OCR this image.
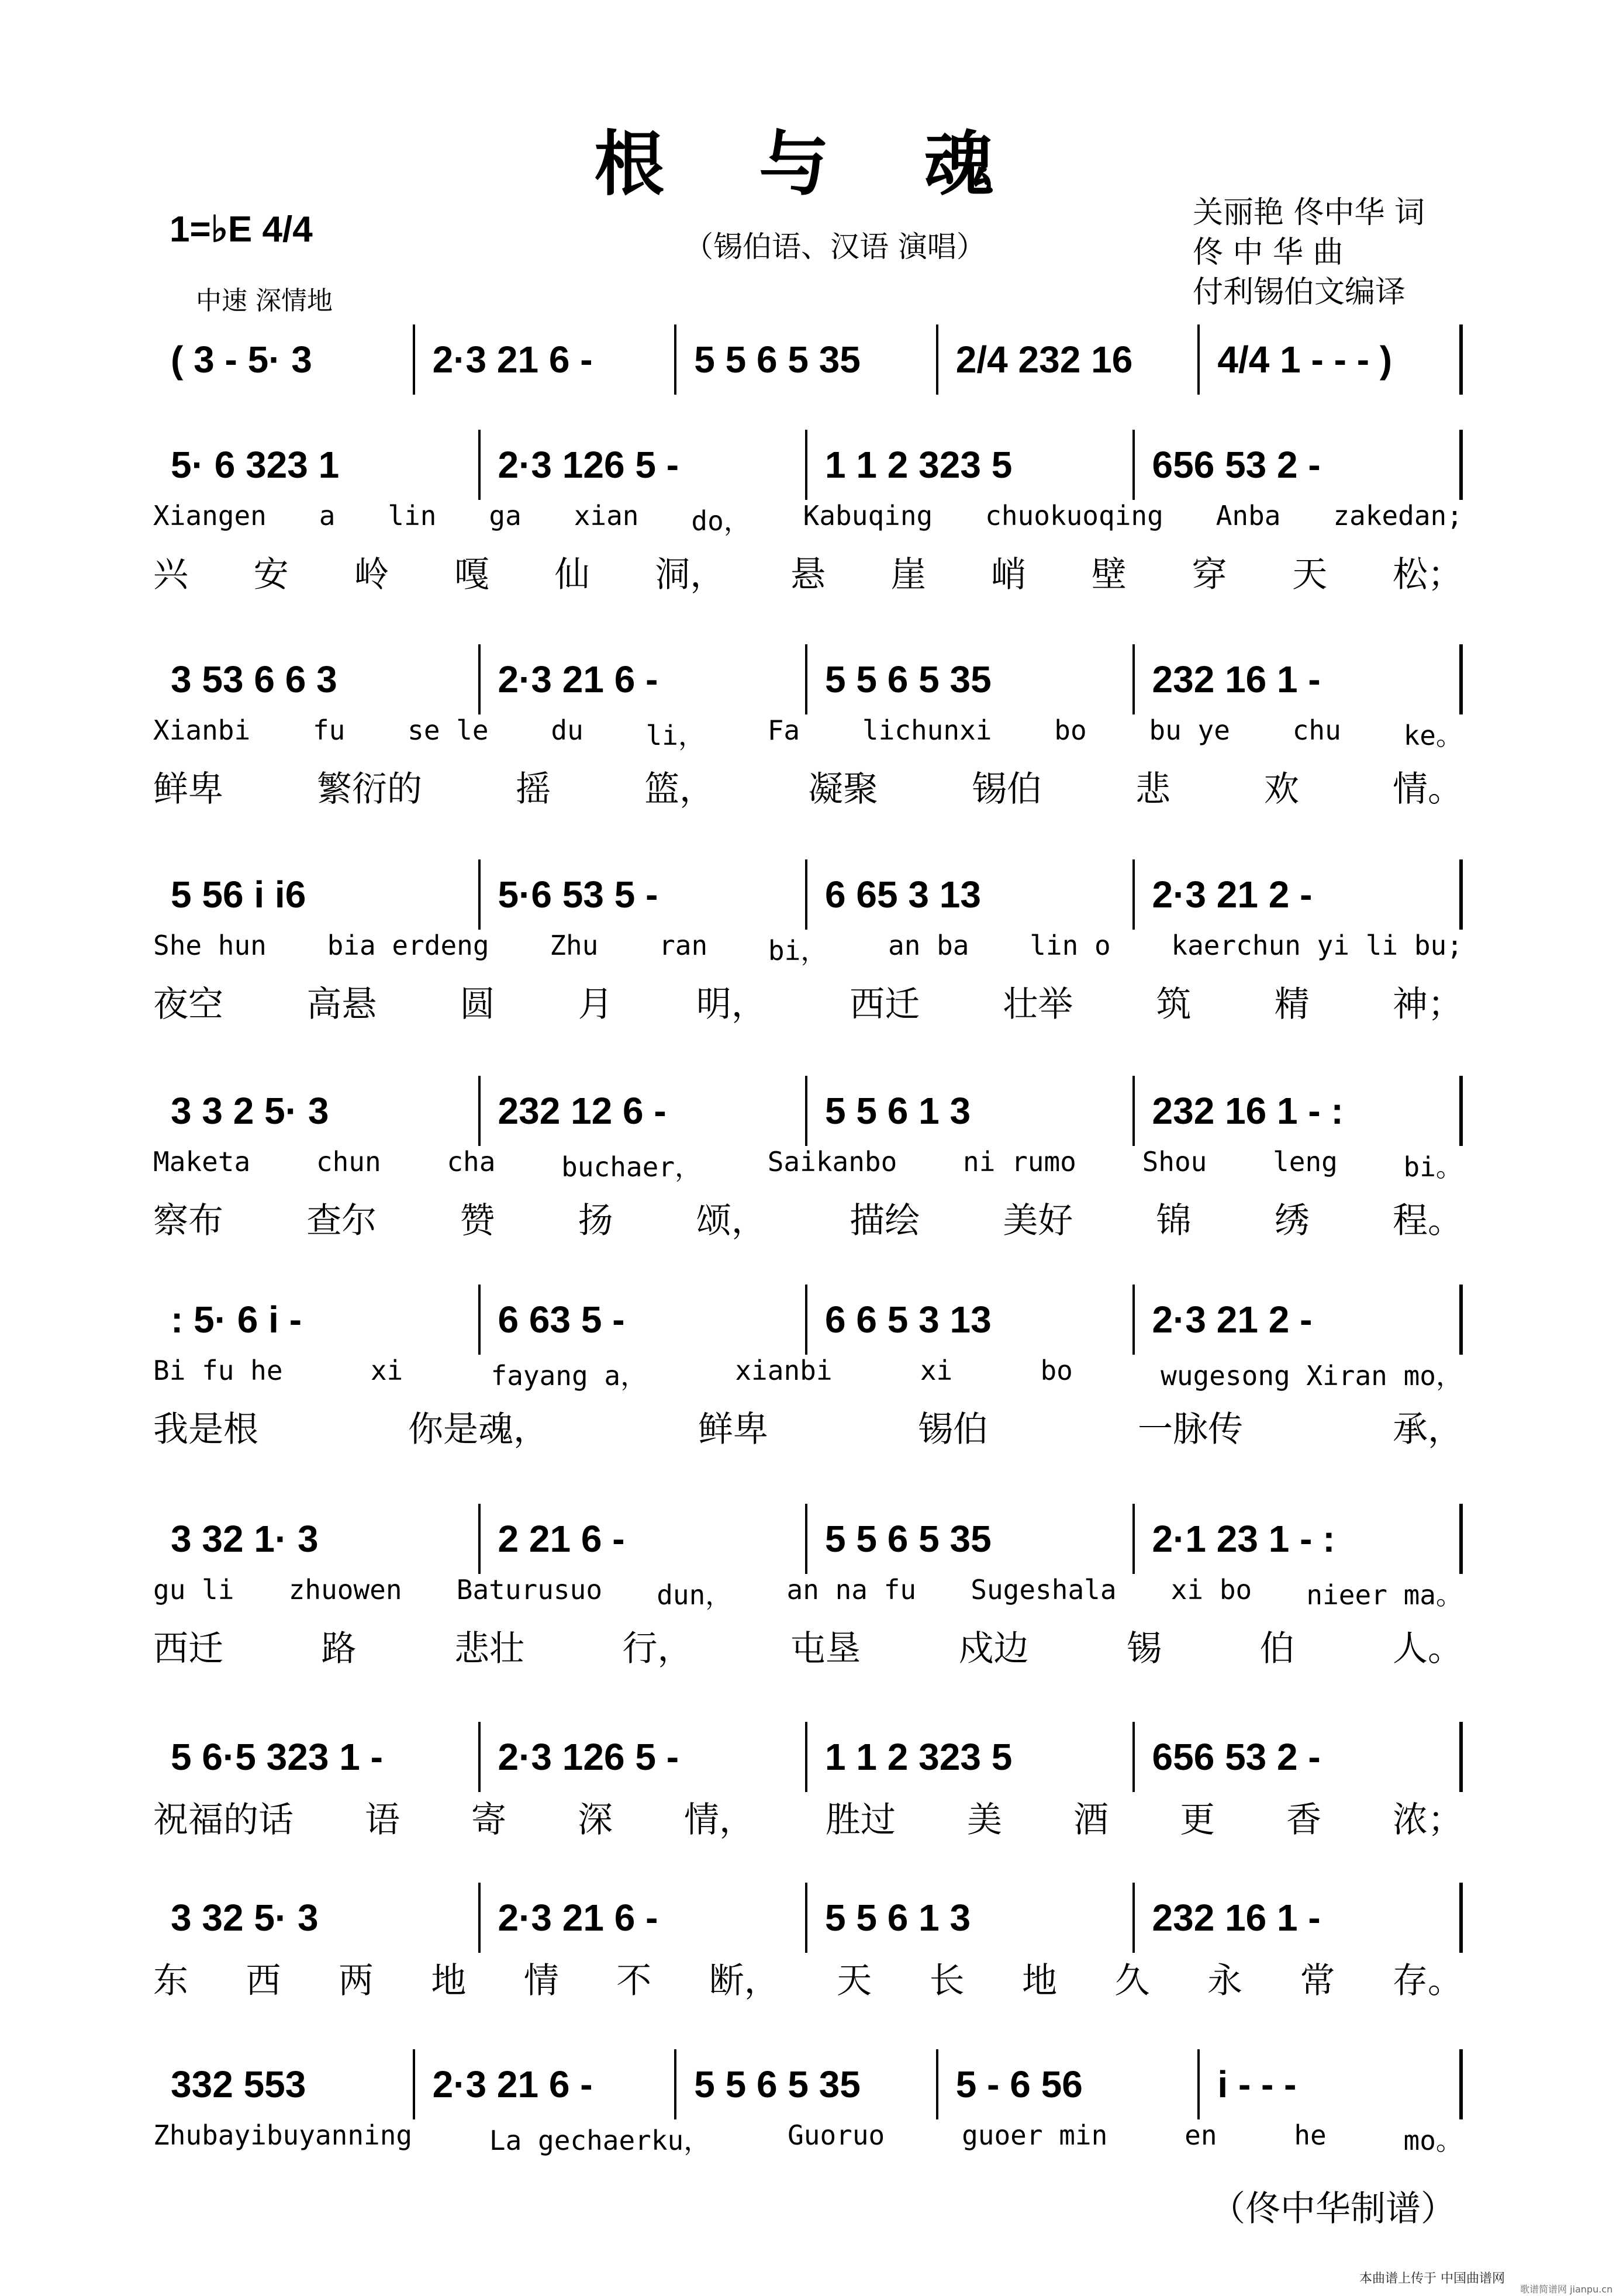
根 与 魂
1=♭E 4/4
中速 深情地
（锡伯语、汉语 演唱）
关丽艳 佟中华 词
佟 中 华 曲
付利锡伯文编译
( 3 - 5· 3	2·3 21 6 -	5 5 6 5 35	2/4 232 16	4/4 1 - - - )
5· 6 323 1	2·3 126 5 -	1 1 2 323 5	656 53 2 -
Xiangen a lin ga xian do， Kabuqing chuokuoqing Anba zakedan;
兴 安 岭 嘎 仙 洞， 悬 崖 峭 壁 穿 天 松；
3 53 6 6 3	2·3 21 6 -	5 5 6 5 35	232 16 1 -
Xianbi fu se le du li， Fa lichunxi bo bu ye chu ke。
鲜卑	繁衍的	摇	篮，	凝聚	锡伯	悲	欢	情。
5 56 i i6	5·6 53 5 -	6 65 3 13	2·3 21 2 -
She hun bia erdeng Zhu ran bi， an ba lin o kaerchun yi li bu;
夜空 高悬 圆 月 明， 西迁 壮举 筑 精 神；
3 3 2 5· 3	232 12 6 -	5 5 6 1 3	232 16 1 - :
Maketa chun cha buchaer， Saikanbo ni rumo Shou leng bi。
察布 查尔 赞 扬 颂， 描绘 美好 锦 绣 程。
: 5· 6 i -	6 63 5 -	6 6 5 3 13	2·3 21 2 -
Bi fu he	xi	fayang a，	xianbi	xi	bo	wugesong Xiran mo，
我是根	你是魂，	鲜卑	锡伯	一脉传	承，
3 32 1· 3	2 21 6 -	5 5 6 5 35	2·1 23 1 - :
gu li zhuowen Baturusuo dun， an na fu Sugeshala xi bo nieer ma。
西迁	路	悲壮	行，	屯垦	戍边	锡	伯	人。
5 6·5 323 1 -	2·3 126 5 -	1 1 2 323 5	656 53 2 -
祝福的话 语 寄 深 情， 胜过 美 酒 更 香 浓；
3 32 5· 3	2·3 21 6 -	5 5 6 1 3	232 16 1 -
东 西 两 地 情 不 断， 天 长 地 久 永 常 存。
332 553	2·3 21 6 -	5 5 6 5 35	5 - 6 56	i - - -
Zhubayibuyanning	La gechaerku，	Guoruo	guoer min	en	he	mo。
（佟中华制谱）
本曲谱上传于 中国曲谱网
歌谱简谱网 jianpu.cn
